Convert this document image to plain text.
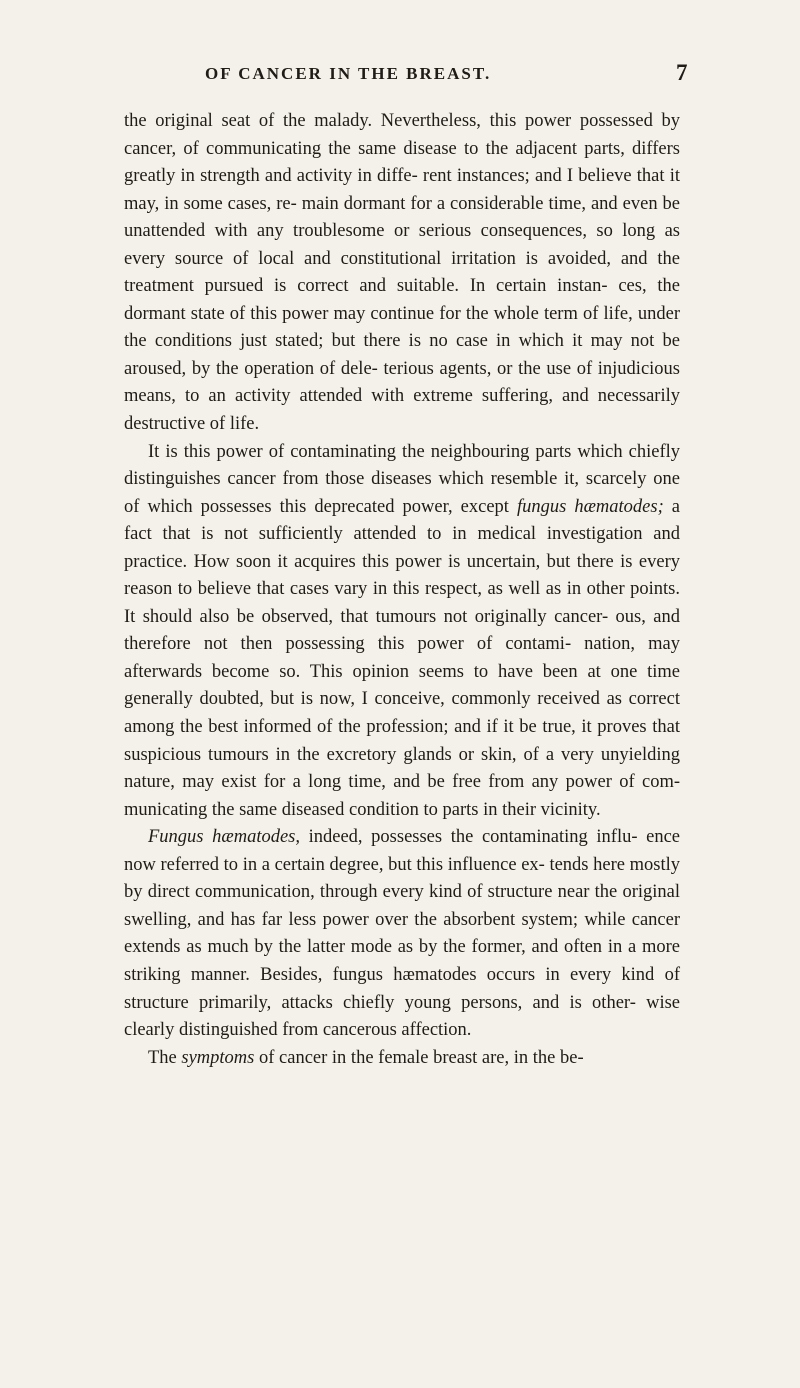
OF CANCER IN THE BREAST.	7

the original seat of the malady. Nevertheless, this power possessed by cancer, of communicating the same disease to the adjacent parts, differs greatly in strength and activity in diffe- rent instances; and I believe that it may, in some cases, re- main dormant for a considerable time, and even be unattended with any troublesome or serious consequences, so long as every source of local and constitutional irritation is avoided, and the treatment pursued is correct and suitable. In certain instan- ces, the dormant state of this power may continue for the whole term of life, under the conditions just stated; but there is no case in which it may not be aroused, by the operation of dele- terious agents, or the use of injudicious means, to an activity attended with extreme suffering, and necessarily destructive of life.

It is this power of contaminating the neighbouring parts which chiefly distinguishes cancer from those diseases which resemble it, scarcely one of which possesses this deprecated power, except fungus hæmatodes; a fact that is not sufficiently attended to in medical investigation and practice. How soon it acquires this power is uncertain, but there is every reason to believe that cases vary in this respect, as well as in other points. It should also be observed, that tumours not originally cancer- ous, and therefore not then possessing this power of contami- nation, may afterwards become so. This opinion seems to have been at one time generally doubted, but is now, I conceive, commonly received as correct among the best informed of the profession; and if it be true, it proves that suspicious tumours in the excretory glands or skin, of a very unyielding nature, may exist for a long time, and be free from any power of com- municating the same diseased condition to parts in their vicinity.

Fungus hæmatodes, indeed, possesses the contaminating influ- ence now referred to in a certain degree, but this influence ex- tends here mostly by direct communication, through every kind of structure near the original swelling, and has far less power over the absorbent system; while cancer extends as much by the latter mode as by the former, and often in a more striking manner. Besides, fungus hæmatodes occurs in every kind of structure primarily, attacks chiefly young persons, and is other- wise clearly distinguished from cancerous affection.

The symptoms of cancer in the female breast are, in the be-
